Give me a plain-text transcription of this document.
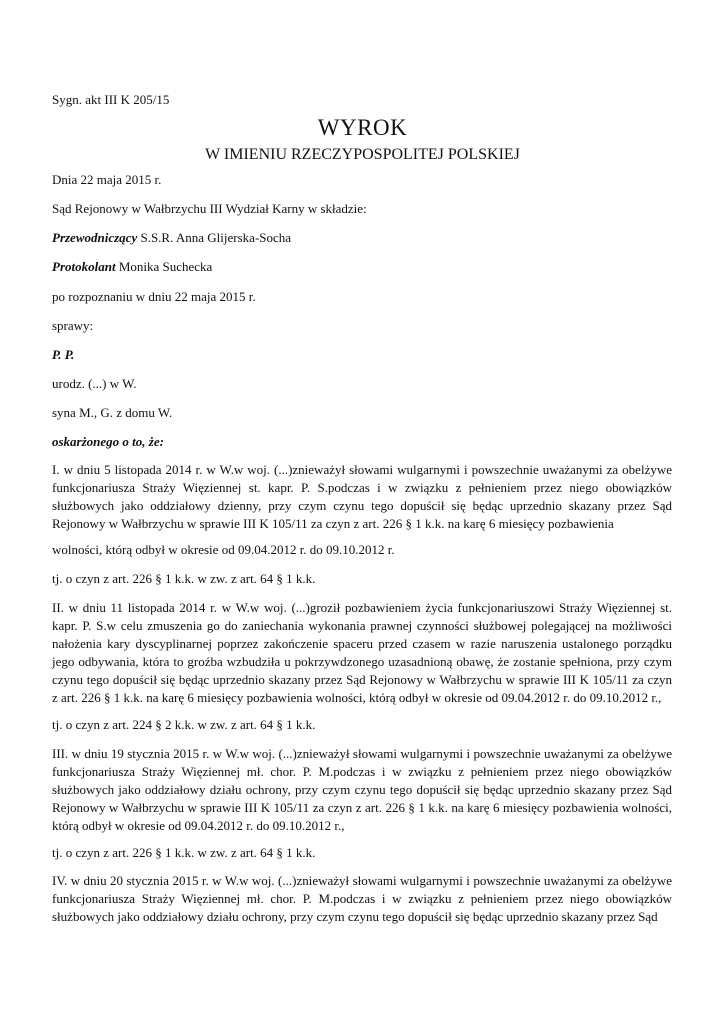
Sygn. akt III K 205/15
WYROK
W IMIENIU RZECZYPOSPOLITEJ POLSKIEJ
Dnia 22 maja 2015 r.
Sąd Rejonowy w Wałbrzychu III Wydział Karny w składzie:
Przewodniczący S.S.R. Anna Glijerska-Socha
Protokolant Monika Suchecka
po rozpoznaniu w dniu 22 maja 2015 r.
sprawy:
P. P.
urodz. (...) w W.
syna M., G. z domu W.
oskarżonego o to, że:
I. w dniu 5 listopada 2014 r. w W.w woj. (...)znieważył słowami wulgarnymi i powszechnie uważanymi za obelżywe funkcjonariusza Straży Więziennej st. kapr. P. S.podczas i w związku z pełnieniem przez niego obowiązków służbowych jako oddziałowy dzienny, przy czym czynu tego dopuścił się będąc uprzednio skazany przez Sąd Rejonowy w Wałbrzychu w sprawie III K 105/11 za czyn z art. 226 § 1 k.k. na karę 6 miesięcy pozbawienia
wolności, którą odbył w okresie od 09.04.2012 r. do 09.10.2012 r.
tj. o czyn z art. 226 § 1 k.k. w zw. z art. 64 § 1 k.k.
II. w dniu 11 listopada 2014 r. w W.w woj. (...)groził pozbawieniem życia funkcjonariuszowi Straży Więziennej st. kapr. P. S.w celu zmuszenia go do zaniechania wykonania prawnej czynności służbowej polegającej na możliwości nałożenia kary dyscyplinarnej poprzez zakończenie spaceru przed czasem w razie naruszenia ustalonego porządku jego odbywania, która to groźba wzbudziła u pokrzywdzonego uzasadnioną obawę, że zostanie spełniona, przy czym czynu tego dopuścił się będąc uprzednio skazany przez Sąd Rejonowy w Wałbrzychu w sprawie III K 105/11 za czyn z art. 226 § 1 k.k. na karę 6 miesięcy pozbawienia wolności, którą odbył w okresie od 09.04.2012 r. do 09.10.2012 r.,
tj. o czyn z art. 224 § 2 k.k. w zw. z art. 64 § 1 k.k.
III. w dniu 19 stycznia 2015 r. w W.w woj. (...)znieważył słowami wulgarnymi i powszechnie uważanymi za obelżywe funkcjonariusza Straży Więziennej mł. chor. P. M.podczas i w związku z pełnieniem przez niego obowiązków służbowych jako oddziałowy działu ochrony, przy czym czynu tego dopuścił się będąc uprzednio skazany przez Sąd Rejonowy w Wałbrzychu w sprawie III K 105/11 za czyn z art. 226 § 1 k.k. na karę 6 miesięcy pozbawienia wolności, którą odbył w okresie od 09.04.2012 r. do 09.10.2012 r.,
tj. o czyn z art. 226 § 1 k.k. w zw. z art. 64 § 1 k.k.
IV. w dniu 20 stycznia 2015 r. w W.w woj. (...)znieważył słowami wulgarnymi i powszechnie uważanymi za obelżywe funkcjonariusza Straży Więziennej mł. chor. P. M.podczas i w związku z pełnieniem przez niego obowiązków służbowych jako oddziałowy działu ochrony, przy czym czynu tego dopuścił się będąc uprzednio skazany przez Sąd
